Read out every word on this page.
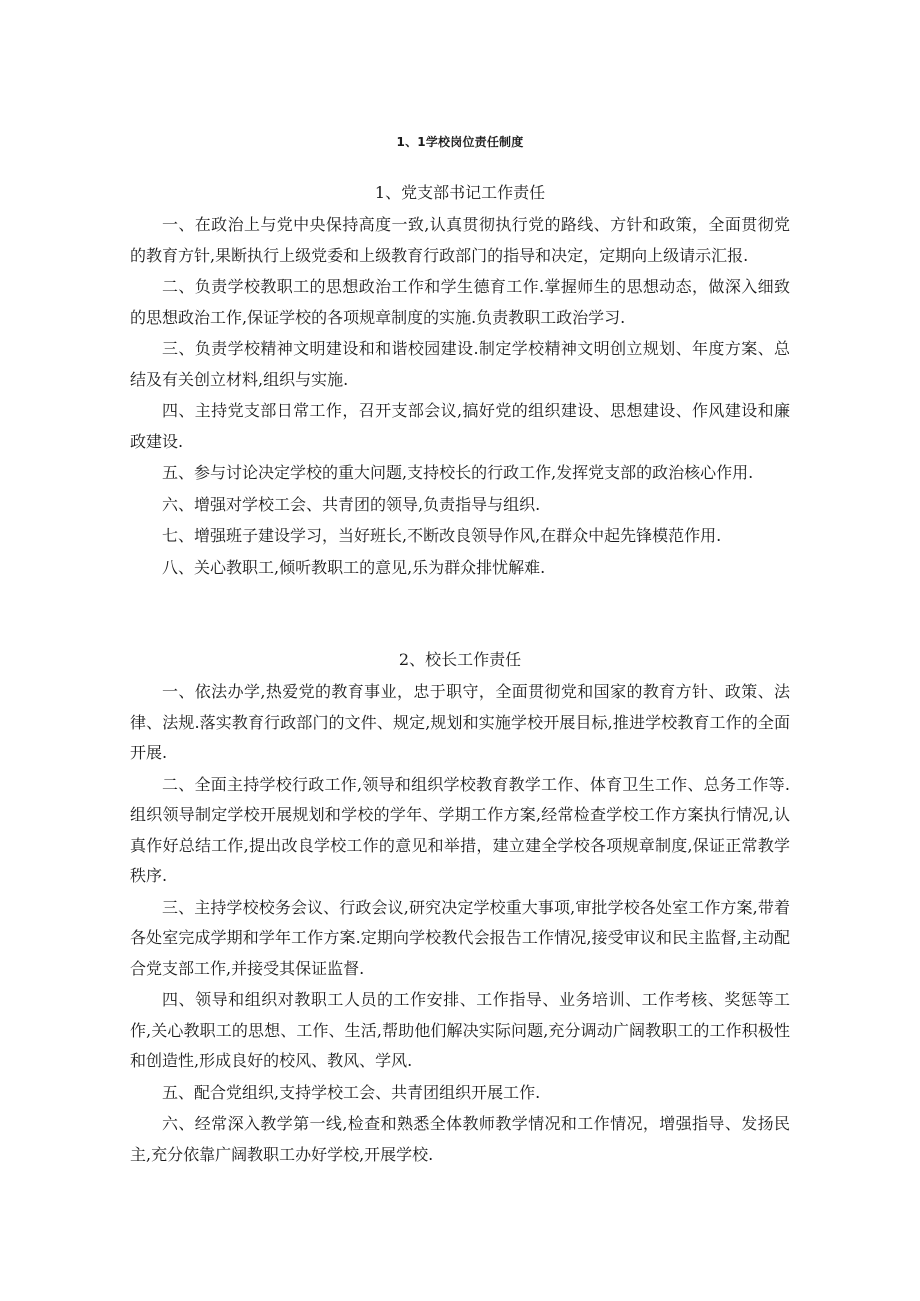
1、1学校岗位责任制度
1、党支部书记工作责任

一、在政治上与党中央保持高度一致,认真贯彻执行党的路线、方针和政策，全面贯彻党的教育方针,果断执行上级党委和上级教育行政部门的指导和决定，定期向上级请示汇报.

二、负责学校教职工的思想政治工作和学生德育工作.掌握师生的思想动态，做深入细致的思想政治工作,保证学校的各项规章制度的实施.负责教职工政治学习.

三、负责学校精神文明建设和和谐校园建设.制定学校精神文明创立规划、年度方案、总结及有关创立材料,组织与实施.

四、主持党支部日常工作，召开支部会议,搞好党的组织建设、思想建设、作风建设和廉政建设.

五、参与讨论决定学校的重大问题,支持校长的行政工作,发挥党支部的政治核心作用.

六、增强对学校工会、共青团的领导,负责指导与组织.

七、增强班子建设学习，当好班长,不断改良领导作风,在群众中起先锋模范作用.

八、关心教职工,倾听教职工的意见,乐为群众排忧解难.

2、校长工作责任

一、依法办学,热爱党的教育事业，忠于职守，全面贯彻党和国家的教育方针、政策、法律、法规.落实教育行政部门的文件、规定,规划和实施学校开展目标,推进学校教育工作的全面开展.

二、全面主持学校行政工作,领导和组织学校教育教学工作、体育卫生工作、总务工作等.组织领导制定学校开展规划和学校的学年、学期工作方案,经常检查学校工作方案执行情况,认真作好总结工作,提出改良学校工作的意见和举措，建立建全学校各项规章制度,保证正常教学秩序.

三、主持学校校务会议、行政会议,研究决定学校重大事项,审批学校各处室工作方案,带着各处室完成学期和学年工作方案.定期向学校教代会报告工作情况,接受审议和民主监督,主动配合党支部工作,并接受其保证监督.

四、领导和组织对教职工人员的工作安排、工作指导、业务培训、工作考核、奖惩等工作,关心教职工的思想、工作、生活,帮助他们解决实际问题,充分调动广阔教职工的工作积极性和创造性,形成良好的校风、教风、学风.

五、配合党组织,支持学校工会、共青团组织开展工作.

六、经常深入教学第一线,检查和熟悉全体教师教学情况和工作情况，增强指导、发扬民主,充分依靠广阔教职工办好学校,开展学校.
